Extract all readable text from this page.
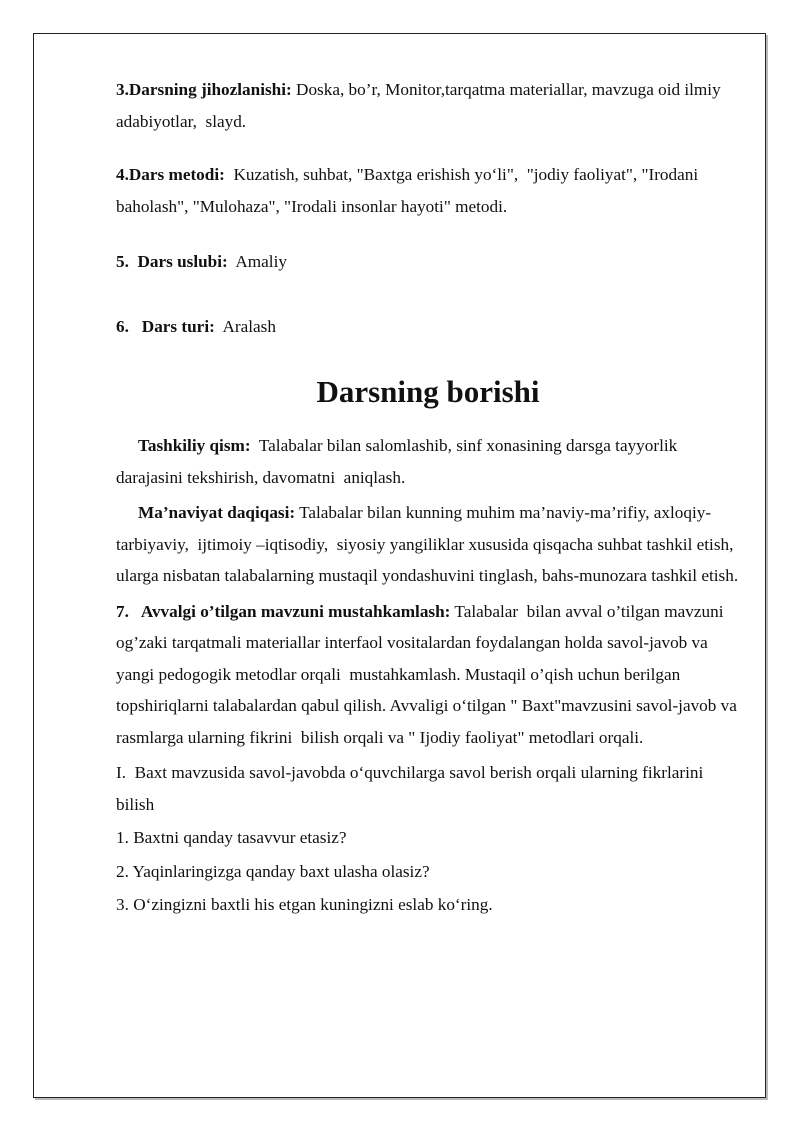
3.Darsning jihozlanishi: Doska, bo’r, Monitor,tarqatma materiallar, mavzuga oid ilmiy adabiyotlar,  slayd.

4.Dars metodi:  Kuzatish, suhbat, "Baxtga erishish yo‘li",  "jodiy faoliyat", "Irodani baholash", "Mulohaza", "Irodali insonlar hayoti" metodi.

5.  Dars uslubi:  Amaliy

6.   Dars turi:  Aralash

Darsning borishi

Tashkiliy qism:  Talabalar bilan salomlashib, sinf xonasining darsga tayyorlik darajasini tekshirish, davomatni  aniqlash.

Ma’naviyat daqiqasi: Talabalar bilan kunning muhim ma’naviy-ma’rifiy, axloqiy-tarbiyaviy,  ijtimoiy –iqtisodiy,  siyosiy yangiliklar xususida qisqacha suhbat tashkil etish, ularga nisbatan talabalarning mustaqil yondashuvini tinglash, bahs-munozara tashkil etish.

7.   Avvalgi o’tilgan mavzuni mustahkamlash: Talabalar  bilan avval o’tilgan mavzuni og’zaki tarqatmali materiallar interfaol vositalardan foydalangan holda savol-javob va yangi pedogogik metodlar orqali  mustahkamlash. Mustaqil o’qish uchun berilgan topshiriqlarni talabalardan qabul qilish. Avvaligi o‘tilgan " Baxt"mavzusini savol-javob va  rasmlarga ularning fikrini  bilish orqali va " Ijodiy faoliyat" metodlari orqali.

I.  Baxt mavzusida savol-javobda o‘quvchilarga savol berish orqali ularning fikrlarini bilish

1. Baxtni qanday tasavvur etasiz?

2. Yaqinlaringizga qanday baxt ulasha olasiz?

3. O‘zingizni baxtli his etgan kuningizni eslab ko‘ring.
